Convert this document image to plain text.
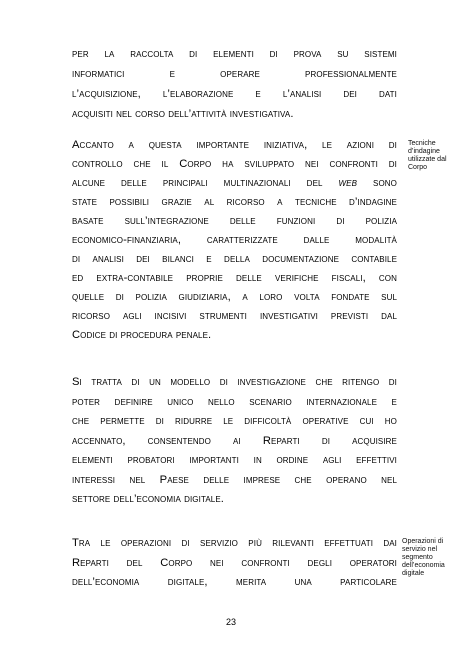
per la raccolta di elementi di prova su sistemi
informatici e operare professionalmente
l’acquisizione, l’elaborazione e l’analisi dei dati
acquisiti nel corso dell’attività investigativa.
Accanto a questa importante iniziativa, le azioni di
controllo che il Corpo ha sviluppato nei confronti di
alcune delle principali multinazionali del web sono
state possibili grazie al ricorso a tecniche d’indagine
basate sull’integrazione delle funzioni di polizia
economico-finanziaria, caratterizzate dalle modalità
di analisi dei bilanci e della documentazione contabile
ed extra-contabile proprie delle verifiche fiscali, con
quelle di polizia giudiziaria, a loro volta fondate sul
ricorso agli incisivi strumenti investigativi previsti dal
Codice di procedura penale.
Tecniche
d’indagine
utilizzate dal
Corpo
Si tratta di un modello di investigazione che ritengo di
poter definire unico nello scenario internazionale e
che permette di ridurre le difficoltà operative cui ho
accennato, consentendo ai Reparti di acquisire
elementi probatori importanti in ordine agli effettivi
interessi nel Paese delle imprese che operano nel
settore dell’economia digitale.
Tra le operazioni di servizio più rilevanti effettuati dai
Reparti del Corpo nei confronti degli operatori
dell’economia digitale, merita una particolare
Operazioni di
servizio nel
segmento
dell’economia
digitale
23
